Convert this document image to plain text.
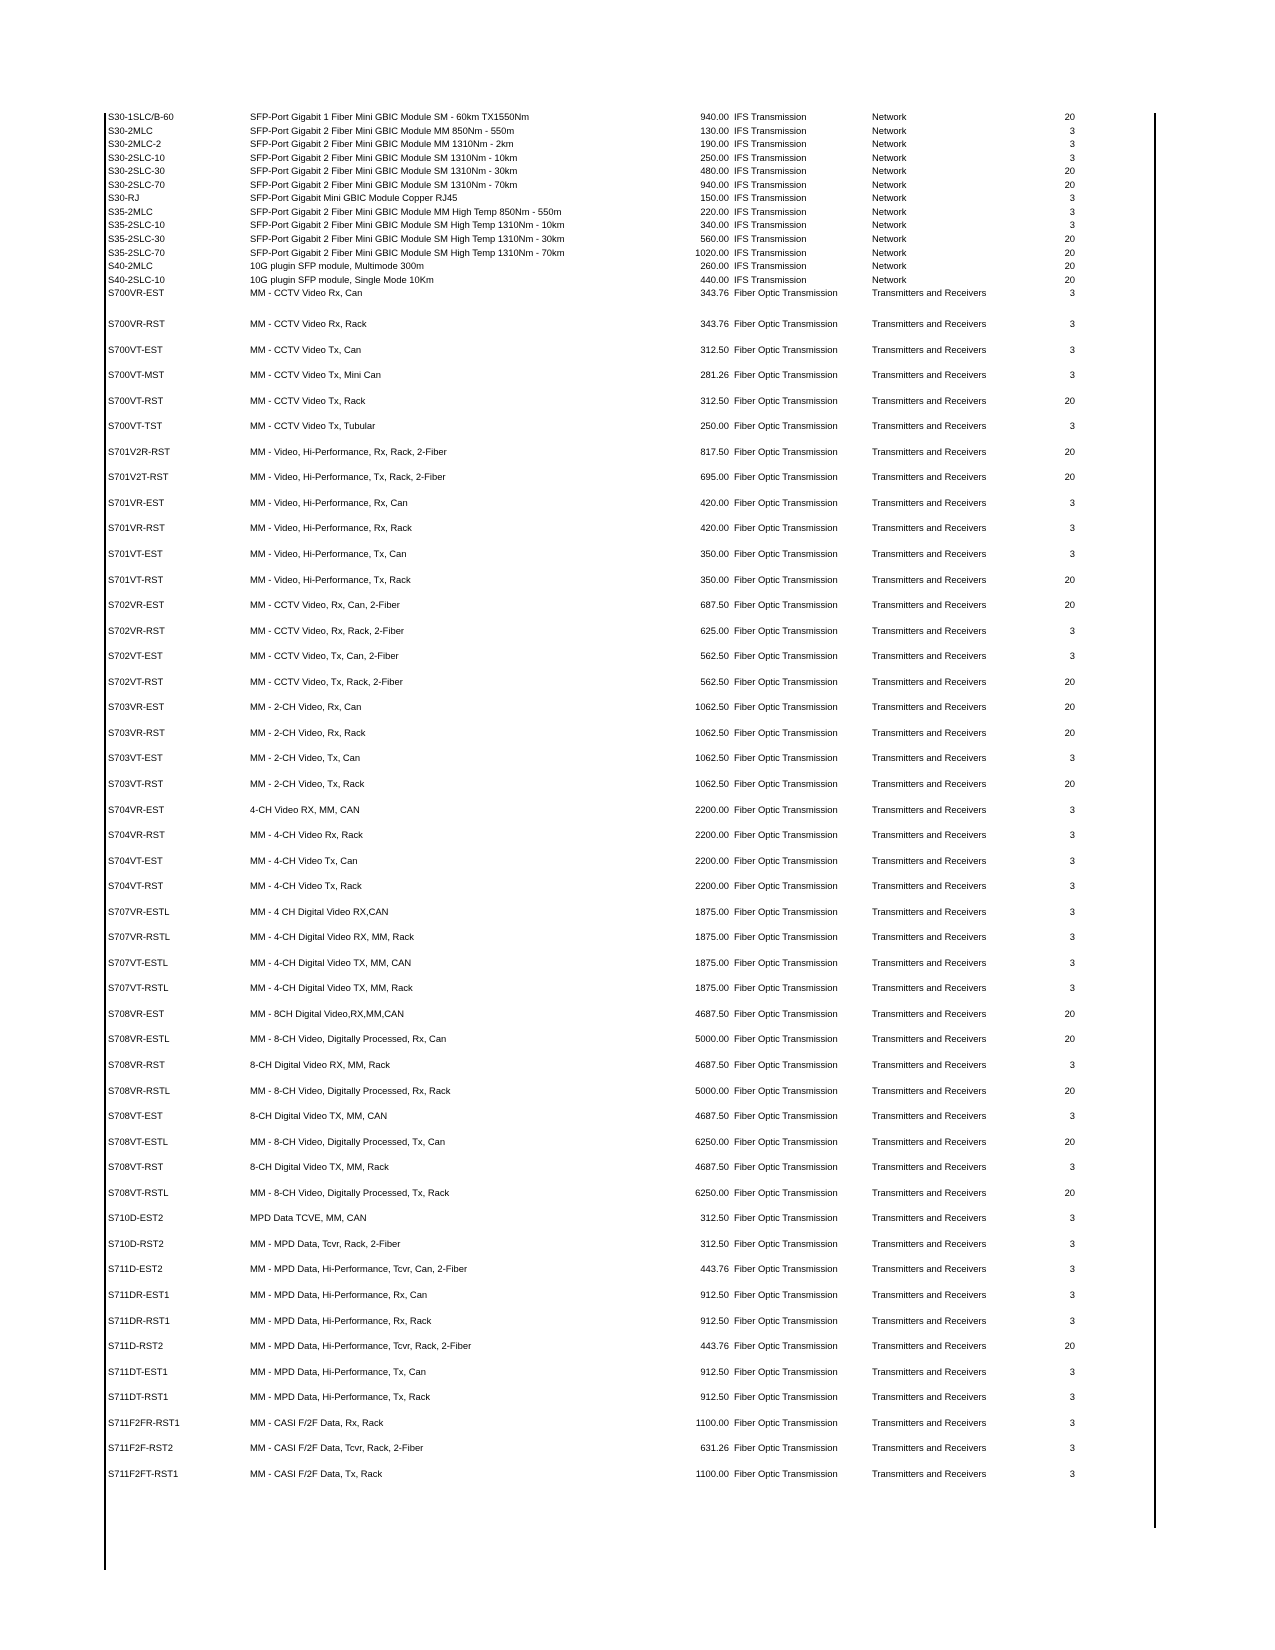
S30-1SLC/B-60	SFP-Port Gigabit 1 Fiber Mini GBIC Module SM - 60km TX1550Nm	940.00 IFS Transmission	Network	20
S30-2MLC	SFP-Port Gigabit 2 Fiber Mini GBIC Module MM 850Nm - 550m	130.00 IFS Transmission	Network	3
S30-2MLC-2	SFP-Port Gigabit 2 Fiber Mini GBIC Module MM 1310Nm - 2km	190.00 IFS Transmission	Network	3
S30-2SLC-10	SFP-Port Gigabit 2 Fiber Mini GBIC Module SM 1310Nm - 10km	250.00 IFS Transmission	Network	3
S30-2SLC-30	SFP-Port Gigabit 2 Fiber Mini GBIC Module SM 1310Nm - 30km	480.00 IFS Transmission	Network	20
S30-2SLC-70	SFP-Port Gigabit 2 Fiber Mini GBIC Module SM 1310Nm - 70km	940.00 IFS Transmission	Network	20
S30-RJ	SFP-Port Gigabit Mini GBIC Module Copper RJ45	150.00 IFS Transmission	Network	3
S35-2MLC	SFP-Port Gigabit 2 Fiber Mini GBIC Module MM High Temp 850Nm - 550m	220.00 IFS Transmission	Network	3
S35-2SLC-10	SFP-Port Gigabit 2 Fiber Mini GBIC Module SM High Temp 1310Nm - 10km	340.00 IFS Transmission	Network	3
S35-2SLC-30	SFP-Port Gigabit 2 Fiber Mini GBIC Module SM High Temp 1310Nm - 30km	560.00 IFS Transmission	Network	20
S35-2SLC-70	SFP-Port Gigabit 2 Fiber Mini GBIC Module SM High Temp 1310Nm - 70km	1020.00 IFS Transmission	Network	20
S40-2MLC	10G plugin SFP module, Multimode 300m	260.00 IFS Transmission	Network	20
S40-2SLC-10	10G plugin SFP module, Single Mode 10Km	440.00 IFS Transmission	Network	20
S700VR-EST	MM - CCTV Video Rx, Can	343.76 Fiber Optic Transmission	Transmitters and Receivers	3
S700VR-RST	MM - CCTV Video Rx, Rack	343.76 Fiber Optic Transmission	Transmitters and Receivers	3
S700VT-EST	MM - CCTV Video Tx, Can	312.50 Fiber Optic Transmission	Transmitters and Receivers	3
S700VT-MST	MM - CCTV Video Tx, Mini Can	281.26 Fiber Optic Transmission	Transmitters and Receivers	3
S700VT-RST	MM - CCTV Video Tx, Rack	312.50 Fiber Optic Transmission	Transmitters and Receivers	20
S700VT-TST	MM - CCTV Video Tx, Tubular	250.00 Fiber Optic Transmission	Transmitters and Receivers	3
S701V2R-RST	MM - Video, Hi-Performance, Rx, Rack, 2-Fiber	817.50 Fiber Optic Transmission	Transmitters and Receivers	20
S701V2T-RST	MM - Video, Hi-Performance, Tx, Rack, 2-Fiber	695.00 Fiber Optic Transmission	Transmitters and Receivers	20
S701VR-EST	MM - Video, Hi-Performance, Rx, Can	420.00 Fiber Optic Transmission	Transmitters and Receivers	3
S701VR-RST	MM - Video, Hi-Performance, Rx, Rack	420.00 Fiber Optic Transmission	Transmitters and Receivers	3
S701VT-EST	MM - Video, Hi-Performance, Tx, Can	350.00 Fiber Optic Transmission	Transmitters and Receivers	3
S701VT-RST	MM - Video, Hi-Performance, Tx, Rack	350.00 Fiber Optic Transmission	Transmitters and Receivers	20
S702VR-EST	MM - CCTV Video, Rx, Can, 2-Fiber	687.50 Fiber Optic Transmission	Transmitters and Receivers	20
S702VR-RST	MM - CCTV Video, Rx, Rack, 2-Fiber	625.00 Fiber Optic Transmission	Transmitters and Receivers	3
S702VT-EST	MM - CCTV Video, Tx, Can, 2-Fiber	562.50 Fiber Optic Transmission	Transmitters and Receivers	3
S702VT-RST	MM - CCTV Video, Tx, Rack, 2-Fiber	562.50 Fiber Optic Transmission	Transmitters and Receivers	20
S703VR-EST	MM - 2-CH Video, Rx, Can	1062.50 Fiber Optic Transmission	Transmitters and Receivers	20
S703VR-RST	MM - 2-CH Video, Rx, Rack	1062.50 Fiber Optic Transmission	Transmitters and Receivers	20
S703VT-EST	MM - 2-CH Video, Tx, Can	1062.50 Fiber Optic Transmission	Transmitters and Receivers	3
S703VT-RST	MM - 2-CH Video, Tx, Rack	1062.50 Fiber Optic Transmission	Transmitters and Receivers	20
S704VR-EST	4-CH Video RX, MM, CAN	2200.00 Fiber Optic Transmission	Transmitters and Receivers	3
S704VR-RST	MM - 4-CH Video Rx, Rack	2200.00 Fiber Optic Transmission	Transmitters and Receivers	3
S704VT-EST	MM - 4-CH Video Tx, Can	2200.00 Fiber Optic Transmission	Transmitters and Receivers	3
S704VT-RST	MM - 4-CH Video Tx, Rack	2200.00 Fiber Optic Transmission	Transmitters and Receivers	3
S707VR-ESTL	MM - 4 CH Digital Video RX,CAN	1875.00 Fiber Optic Transmission	Transmitters and Receivers	3
S707VR-RSTL	MM - 4-CH Digital Video RX, MM, Rack	1875.00 Fiber Optic Transmission	Transmitters and Receivers	3
S707VT-ESTL	MM - 4-CH Digital Video TX, MM, CAN	1875.00 Fiber Optic Transmission	Transmitters and Receivers	3
S707VT-RSTL	MM - 4-CH Digital Video TX, MM, Rack	1875.00 Fiber Optic Transmission	Transmitters and Receivers	3
S708VR-EST	MM - 8CH Digital Video,RX,MM,CAN	4687.50 Fiber Optic Transmission	Transmitters and Receivers	20
S708VR-ESTL	MM - 8-CH Video, Digitally Processed, Rx, Can	5000.00 Fiber Optic Transmission	Transmitters and Receivers	20
S708VR-RST	8-CH Digital Video RX, MM, Rack	4687.50 Fiber Optic Transmission	Transmitters and Receivers	3
S708VR-RSTL	MM - 8-CH Video, Digitally Processed, Rx, Rack	5000.00 Fiber Optic Transmission	Transmitters and Receivers	20
S708VT-EST	8-CH Digital Video TX, MM, CAN	4687.50 Fiber Optic Transmission	Transmitters and Receivers	3
S708VT-ESTL	MM - 8-CH Video, Digitally Processed, Tx, Can	6250.00 Fiber Optic Transmission	Transmitters and Receivers	20
S708VT-RST	8-CH Digital Video TX, MM, Rack	4687.50 Fiber Optic Transmission	Transmitters and Receivers	3
S708VT-RSTL	MM - 8-CH Video, Digitally Processed, Tx, Rack	6250.00 Fiber Optic Transmission	Transmitters and Receivers	20
S710D-EST2	MPD Data TCVE, MM, CAN	312.50 Fiber Optic Transmission	Transmitters and Receivers	3
S710D-RST2	MM - MPD Data, Tcvr, Rack, 2-Fiber	312.50 Fiber Optic Transmission	Transmitters and Receivers	3
S711D-EST2	MM - MPD Data, Hi-Performance, Tcvr, Can, 2-Fiber	443.76 Fiber Optic Transmission	Transmitters and Receivers	3
S711DR-EST1	MM - MPD Data, Hi-Performance, Rx, Can	912.50 Fiber Optic Transmission	Transmitters and Receivers	3
S711DR-RST1	MM - MPD Data, Hi-Performance, Rx, Rack	912.50 Fiber Optic Transmission	Transmitters and Receivers	3
S711D-RST2	MM - MPD Data, Hi-Performance, Tcvr, Rack, 2-Fiber	443.76 Fiber Optic Transmission	Transmitters and Receivers	20
S711DT-EST1	MM - MPD Data, Hi-Performance, Tx, Can	912.50 Fiber Optic Transmission	Transmitters and Receivers	3
S711DT-RST1	MM - MPD Data, Hi-Performance, Tx, Rack	912.50 Fiber Optic Transmission	Transmitters and Receivers	3
S711F2FR-RST1	MM - CASI F/2F Data, Rx, Rack	1100.00 Fiber Optic Transmission	Transmitters and Receivers	3
S711F2F-RST2	MM - CASI F/2F Data, Tcvr, Rack, 2-Fiber	631.26 Fiber Optic Transmission	Transmitters and Receivers	3
S711F2FT-RST1	MM - CASI F/2F Data, Tx, Rack	1100.00 Fiber Optic Transmission	Transmitters and Receivers	3
